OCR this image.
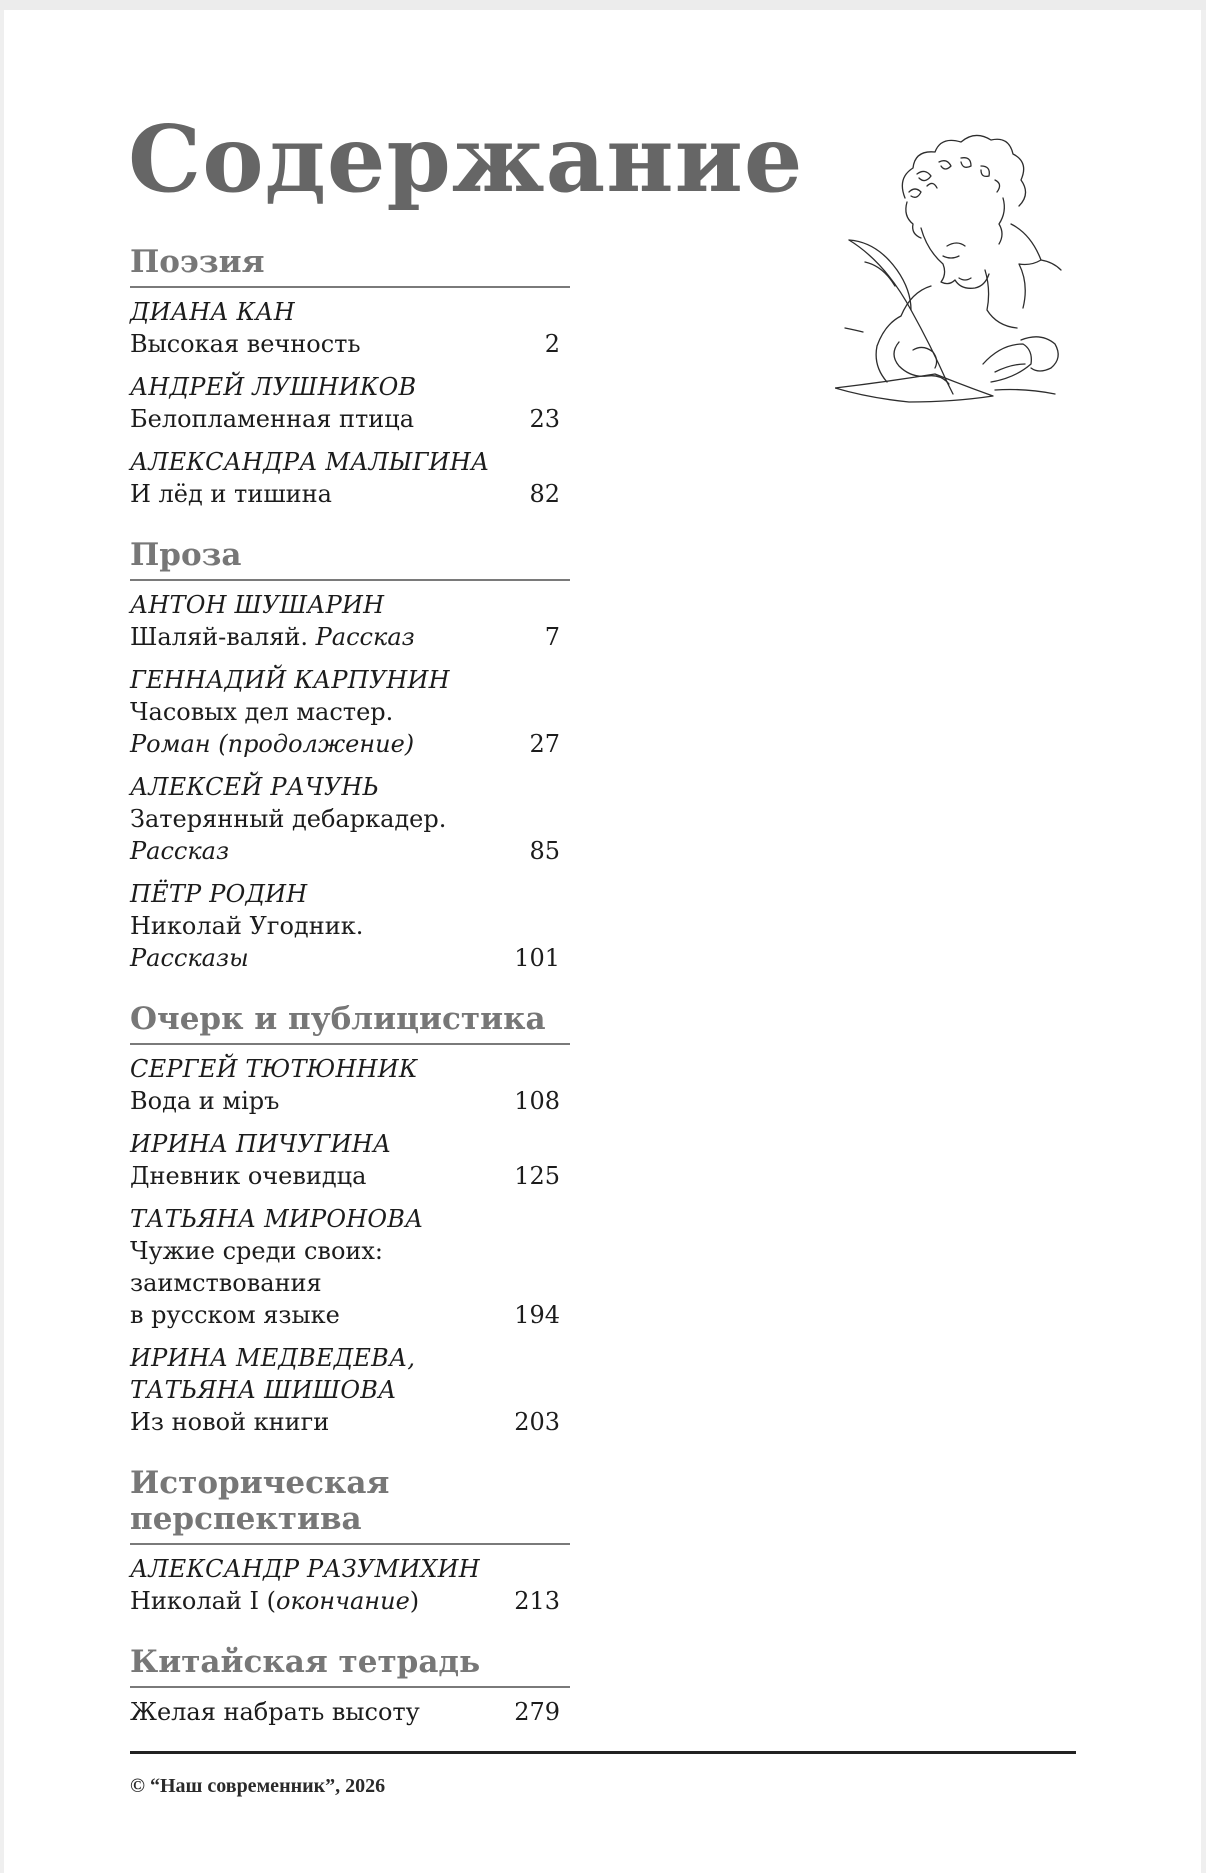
Содержание
Поэзия
ДИАНА КАН
Высокая вечность	2
АНДРЕЙ ЛУШНИКОВ
Белопламенная птица	23
АЛЕКСАНДРА МАЛЫГИНА
И лёд и тишина	82
Проза
АНТОН ШУШАРИН
Шаляй-валяй. Рассказ	7
ГЕННАДИЙ КАРПУНИН
Часовых дел мастер.
Роман (продолжение)	27
АЛЕКСЕЙ РАЧУНЬ
Затерянный дебаркадер.
Рассказ	85
ПЁТР РОДИН
Николай Угодник.
Рассказы	101
Очерк и публицистика
СЕРГЕЙ ТЮТЮННИК
Вода и міръ	108
ИРИНА ПИЧУГИНА
Дневник очевидца	125
ТАТЬЯНА МИРОНОВА
Чужие среди своих:
заимствования
в русском языке	194
ИРИНА МЕДВЕДЕВА,
ТАТЬЯНА ШИШОВА
Из новой книги	203
Историческая перспектива
АЛЕКСАНДР РАЗУМИХИН
Николай I (окончание)	213
Китайская тетрадь
Желая набрать высоту	279
© “Наш современник”, 2026
